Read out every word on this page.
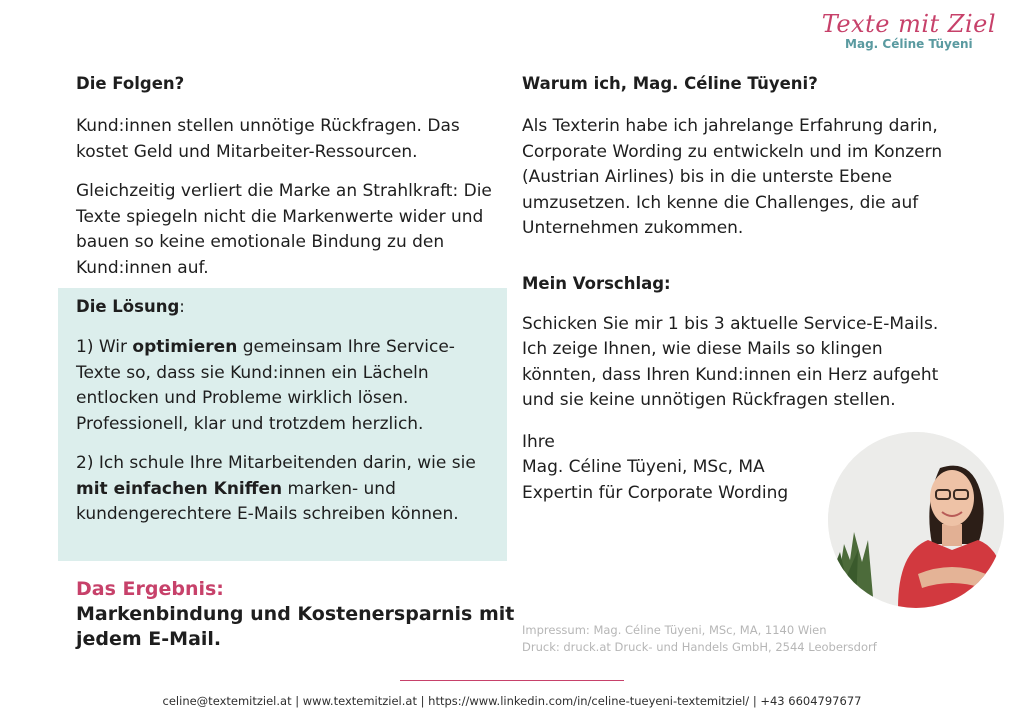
Texte mit Ziel
Mag. Céline Tüyeni

Die Folgen?

Kund:innen stellen unnötige Rückfragen. Das kostet Geld und Mitarbeiter-Ressourcen.

Gleichzeitig verliert die Marke an Strahlkraft: Die Texte spiegeln nicht die Markenwerte wider und bauen so keine emotionale Bindung zu den Kund:innen auf.

Die Lösung:

1) Wir optimieren gemeinsam Ihre Service-Texte so, dass sie Kund:innen ein Lächeln entlocken und Probleme wirklich lösen. Professionell, klar und trotzdem herzlich.

2) Ich schule Ihre Mitarbeitenden darin, wie sie mit einfachen Kniffen marken- und kundengerechtere E-Mails schreiben können.

Das Ergebnis:

Markenbindung und Kostenersparnis mit jedem E-Mail.

Warum ich, Mag. Céline Tüyeni?

Als Texterin habe ich jahrelange Erfahrung darin, Corporate Wording zu entwickeln und im Konzern (Austrian Airlines) bis in die unterste Ebene umzusetzen. Ich kenne die Challenges, die auf Unternehmen zukommen.

Mein Vorschlag:

Schicken Sie mir 1 bis 3 aktuelle Service-E-Mails. Ich zeige Ihnen, wie diese Mails so klingen könnten, dass Ihren Kund:innen ein Herz aufgeht und sie keine unnötigen Rückfragen stellen.

Ihre

Mag. Céline Tüyeni, MSc, MA

Expertin für Corporate Wording

Impressum: Mag. Céline Tüyeni, MSc, MA, 1140 Wien
Druck: druck.at Druck- und Handels GmbH, 2544 Leobersdorf
celine@textemitziel.at | www.textemitziel.at | https://www.linkedin.com/in/celine-tueyeni-textemitziel/ | +43 6604797677
